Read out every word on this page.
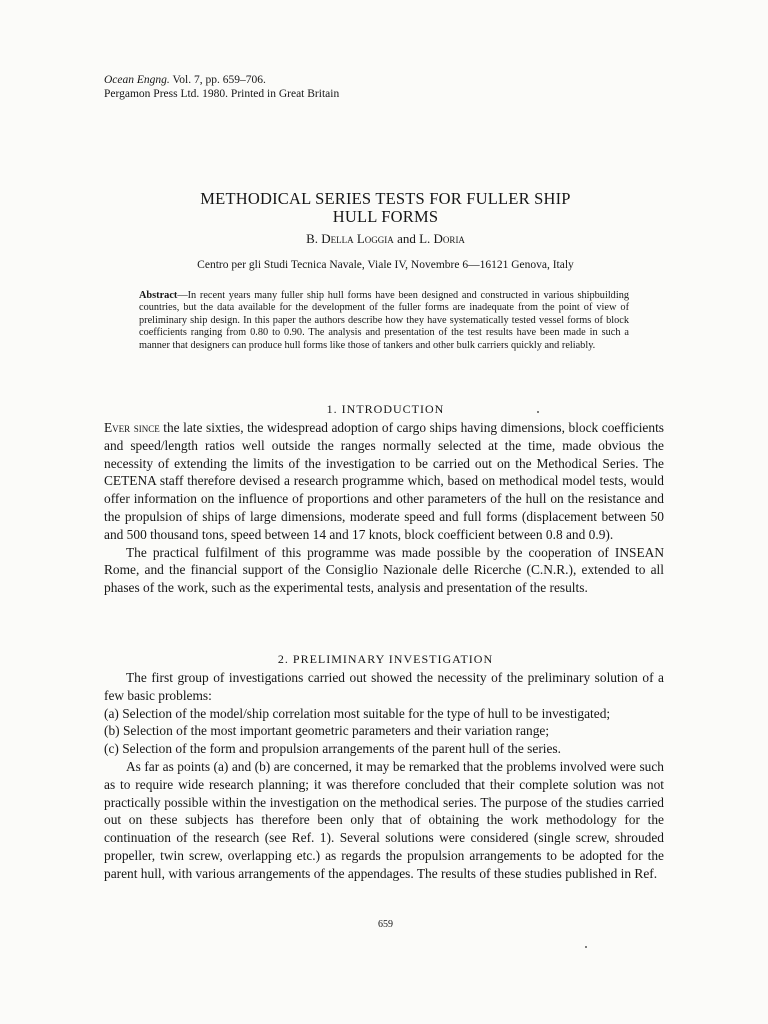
Ocean Engng. Vol. 7, pp. 659–706.
Pergamon Press Ltd. 1980. Printed in Great Britain
METHODICAL SERIES TESTS FOR FULLER SHIP
HULL FORMS
B. Della Loggia and L. Doria
Centro per gli Studi Tecnica Navale, Viale IV, Novembre 6—16121 Genova, Italy
Abstract—In recent years many fuller ship hull forms have been designed and constructed in various shipbuilding countries, but the data available for the development of the fuller forms are inadequate from the point of view of preliminary ship design. In this paper the authors describe how they have systematically tested vessel forms of block coefficients ranging from 0.80 to 0.90. The analysis and presentation of the test results have been made in such a manner that designers can produce hull forms like those of tankers and other bulk carriers quickly and reliably.
1. INTRODUCTION

Ever since the late sixties, the widespread adoption of cargo ships having dimensions, block coefficients and speed/length ratios well outside the ranges normally selected at the time, made obvious the necessity of extending the limits of the investigation to be carried out on the Methodical Series. The CETENA staff therefore devised a research programme which, based on methodical model tests, would offer information on the influence of proportions and other parameters of the hull on the resistance and the propulsion of ships of large dimensions, moderate speed and full forms (displacement between 50 and 500 thousand tons, speed between 14 and 17 knots, block coefficient between 0.8 and 0.9).

The practical fulfilment of this programme was made possible by the cooperation of INSEAN Rome, and the financial support of the Consiglio Nazionale delle Ricerche (C.N.R.), extended to all phases of the work, such as the experimental tests, analysis and presentation of the results.

2. PRELIMINARY INVESTIGATION

The first group of investigations carried out showed the necessity of the preliminary solution of a few basic problems:

(a) Selection of the model/ship correlation most suitable for the type of hull to be investigated;

(b) Selection of the most important geometric parameters and their variation range;

(c) Selection of the form and propulsion arrangements of the parent hull of the series.

As far as points (a) and (b) are concerned, it may be remarked that the problems involved were such as to require wide research planning; it was therefore concluded that their complete solution was not practically possible within the investigation on the methodical series. The purpose of the studies carried out on these subjects has therefore been only that of obtaining the work methodology for the continuation of the research (see Ref. 1). Several solutions were considered (single screw, shrouded propeller, twin screw, overlapping etc.) as regards the propulsion arrangements to be adopted for the parent hull, with various arrangements of the appendages. The results of these studies published in Ref.

659
